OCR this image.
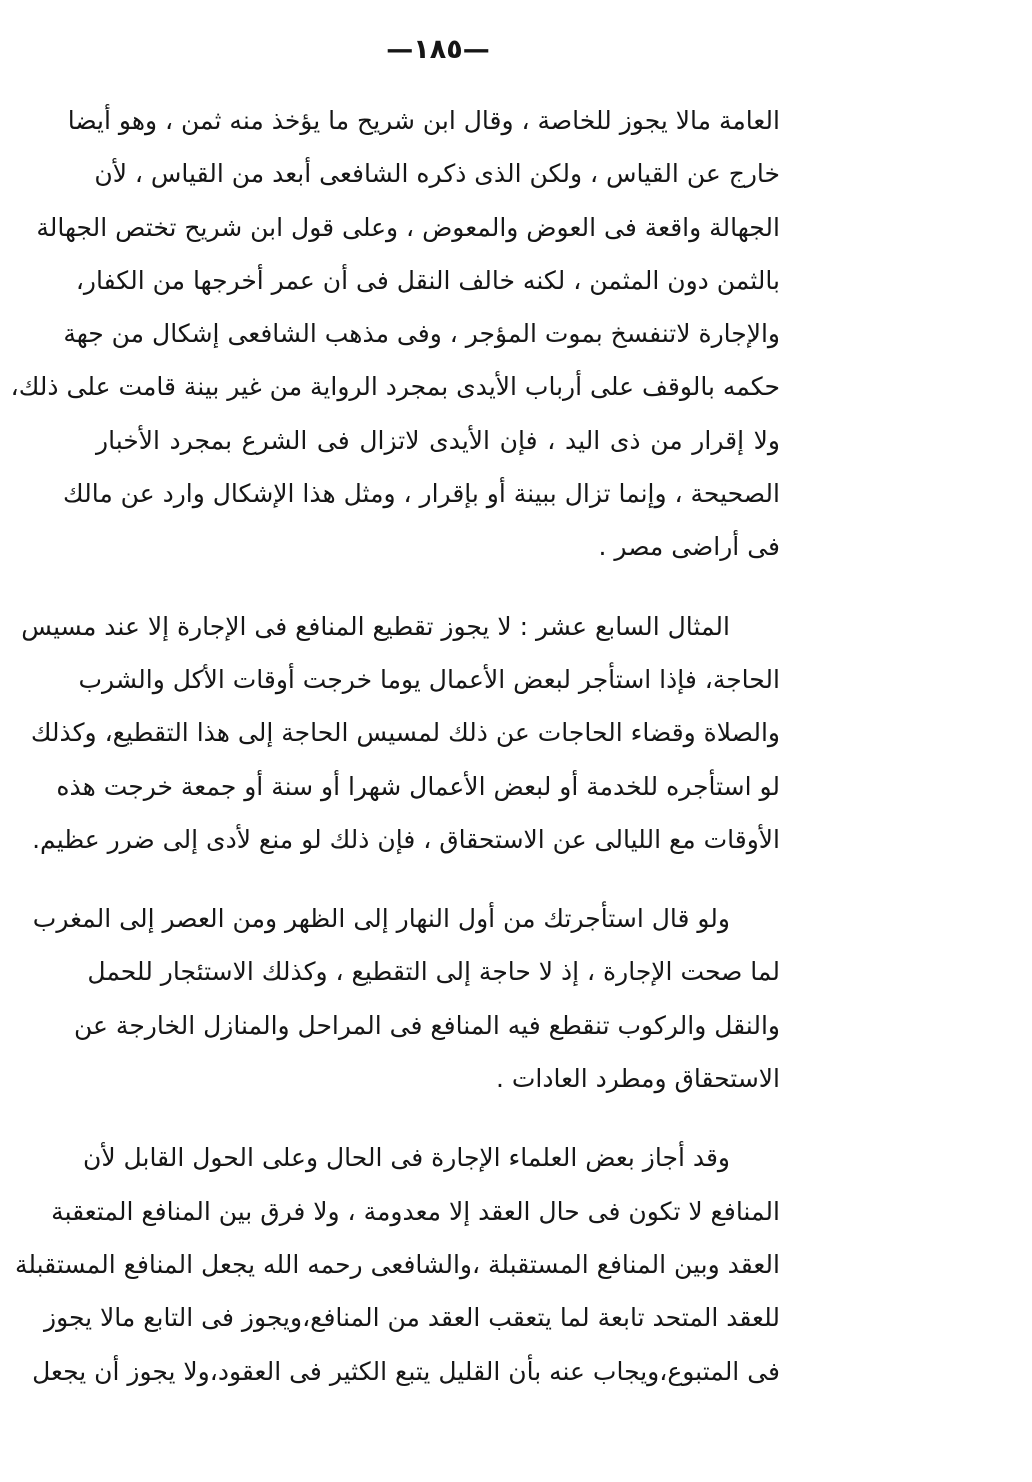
—١٨٥—
العامة مالا يجوز للخاصة ، وقال ابن شريح ما يؤخذ منه ثمن ، وهو أيضا
خارج عن القياس ، ولكن الذى ذكره الشافعى أبعد من القياس ، لأن
الجهالة واقعة فى العوض والمعوض ، وعلى قول ابن شريح تختص الجهالة
بالثمن دون المثمن ، لكنه خالف النقل فى أن عمر أخرجها من الكفار،
والإجارة لاتنفسخ بموت المؤجر ، وفى مذهب الشافعى إشكال من جهة
حكمه بالوقف على أرباب الأيدى بمجرد الرواية من غير بينة قامت على ذلك،
ولا إقرار من ذى اليد ، فإن الأيدى لاتزال فى الشرع بمجرد الأخبار
الصحيحة ، وإنما تزال ببينة أو بإقرار ، ومثل هذا الإشكال وارد عن مالك
فى أراضى مصر .
المثال السابع عشر : لا يجوز تقطيع المنافع فى الإجارة إلا عند مسيس
الحاجة، فإذا استأجر لبعض الأعمال يوما خرجت أوقات الأكل والشرب
والصلاة وقضاء الحاجات عن ذلك لمسيس الحاجة إلى هذا التقطيع، وكذلك
لو استأجره للخدمة أو لبعض الأعمال شهرا أو سنة أو جمعة خرجت هذه
الأوقات مع الليالى عن الاستحقاق ، فإن ذلك لو منع لأدى إلى ضرر عظيم.
ولو قال استأجرتك من أول النهار إلى الظهر ومن العصر إلى المغرب
لما صحت الإجارة ، إذ لا حاجة إلى التقطيع ، وكذلك الاستئجار للحمل
والنقل والركوب تنقطع فيه المنافع فى المراحل والمنازل الخارجة عن
الاستحقاق ومطرد العادات .
وقد أجاز بعض العلماء الإجارة فى الحال وعلى الحول القابل لأن
المنافع لا تكون فى حال العقد إلا معدومة ، ولا فرق بين المنافع المتعقبة
العقد وبين المنافع المستقبلة ،والشافعى رحمه الله يجعل المنافع المستقبلة
للعقد المتحد تابعة لما يتعقب العقد من المنافع،ويجوز فى التابع مالا يجوز
فى المتبوع،ويجاب عنه بأن القليل يتبع الكثير فى العقود،ولا يجوز أن يجعل
